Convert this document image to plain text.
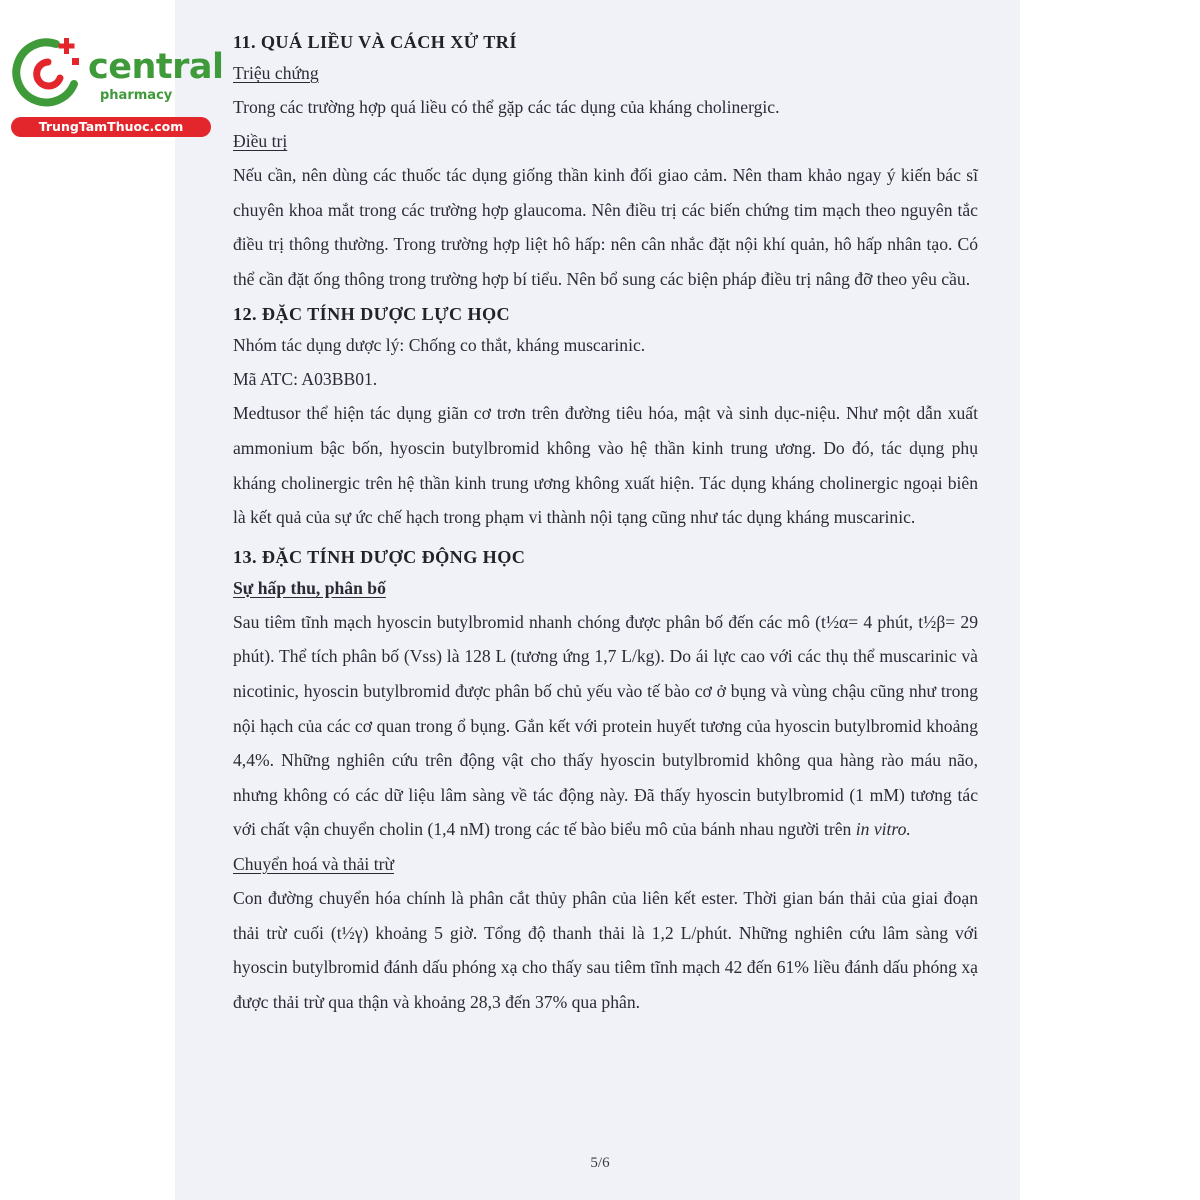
central
pharmacy
TrungTamThuoc.com
11. QUÁ LIỀU VÀ CÁCH XỬ TRÍ
Triệu chứng

Trong các trường hợp quá liều có thể gặp các tác dụng của kháng cholinergic.

Điều trị

Nếu cần, nên dùng các thuốc tác dụng giống thần kinh đối giao cảm. Nên tham khảo ngay ý kiến bác sĩ chuyên khoa mắt trong các trường hợp glaucoma. Nên điều trị các biến chứng tim mạch theo nguyên tắc điều trị thông thường. Trong trường hợp liệt hô hấp: nên cân nhắc đặt nội khí quản, hô hấp nhân tạo. Có thể cần đặt ống thông trong trường hợp bí tiểu. Nên bổ sung các biện pháp điều trị nâng đỡ theo yêu cầu.

12. ĐẶC TÍNH DƯỢC LỰC HỌC

Nhóm tác dụng dược lý: Chống co thắt, kháng muscarinic.

Mã ATC: A03BB01.

Medtusor thể hiện tác dụng giãn cơ trơn trên đường tiêu hóa, mật và sinh dục-niệu. Như một dẫn xuất ammonium bậc bốn, hyoscin butylbromid không vào hệ thần kinh trung ương. Do đó, tác dụng phụ kháng cholinergic trên hệ thần kinh trung ương không xuất hiện. Tác dụng kháng cholinergic ngoại biên là kết quả của sự ức chế hạch trong phạm vi thành nội tạng cũng như tác dụng kháng muscarinic.

13. ĐẶC TÍNH DƯỢC ĐỘNG HỌC
Sự hấp thu, phân bố

Sau tiêm tĩnh mạch hyoscin butylbromid nhanh chóng được phân bố đến các mô (t½α= 4 phút, t½β= 29 phút). Thể tích phân bố (Vss) là 128 L (tương ứng 1,7 L/kg). Do ái lực cao với các thụ thể muscarinic và nicotinic, hyoscin butylbromid được phân bố chủ yếu vào tế bào cơ ở bụng và vùng chậu cũng như trong nội hạch của các cơ quan trong ổ bụng. Gắn kết với protein huyết tương của hyoscin butylbromid khoảng 4,4%. Những nghiên cứu trên động vật cho thấy hyoscin butylbromid không qua hàng rào máu não, nhưng không có các dữ liệu lâm sàng về tác động này. Đã thấy hyoscin butylbromid (1 mM) tương tác với chất vận chuyển cholin (1,4 nM) trong các tế bào biểu mô của bánh nhau người trên in vitro.

Chuyển hoá và thải trừ

Con đường chuyển hóa chính là phân cắt thủy phân của liên kết ester. Thời gian bán thải của giai đoạn thải trừ cuối (t½γ) khoảng 5 giờ. Tổng độ thanh thải là 1,2 L/phút. Những nghiên cứu lâm sàng với hyoscin butylbromid đánh dấu phóng xạ cho thấy sau tiêm tĩnh mạch 42 đến 61% liều đánh dấu phóng xạ được thải trừ qua thận và khoảng 28,3 đến 37% qua phân.

5/6
